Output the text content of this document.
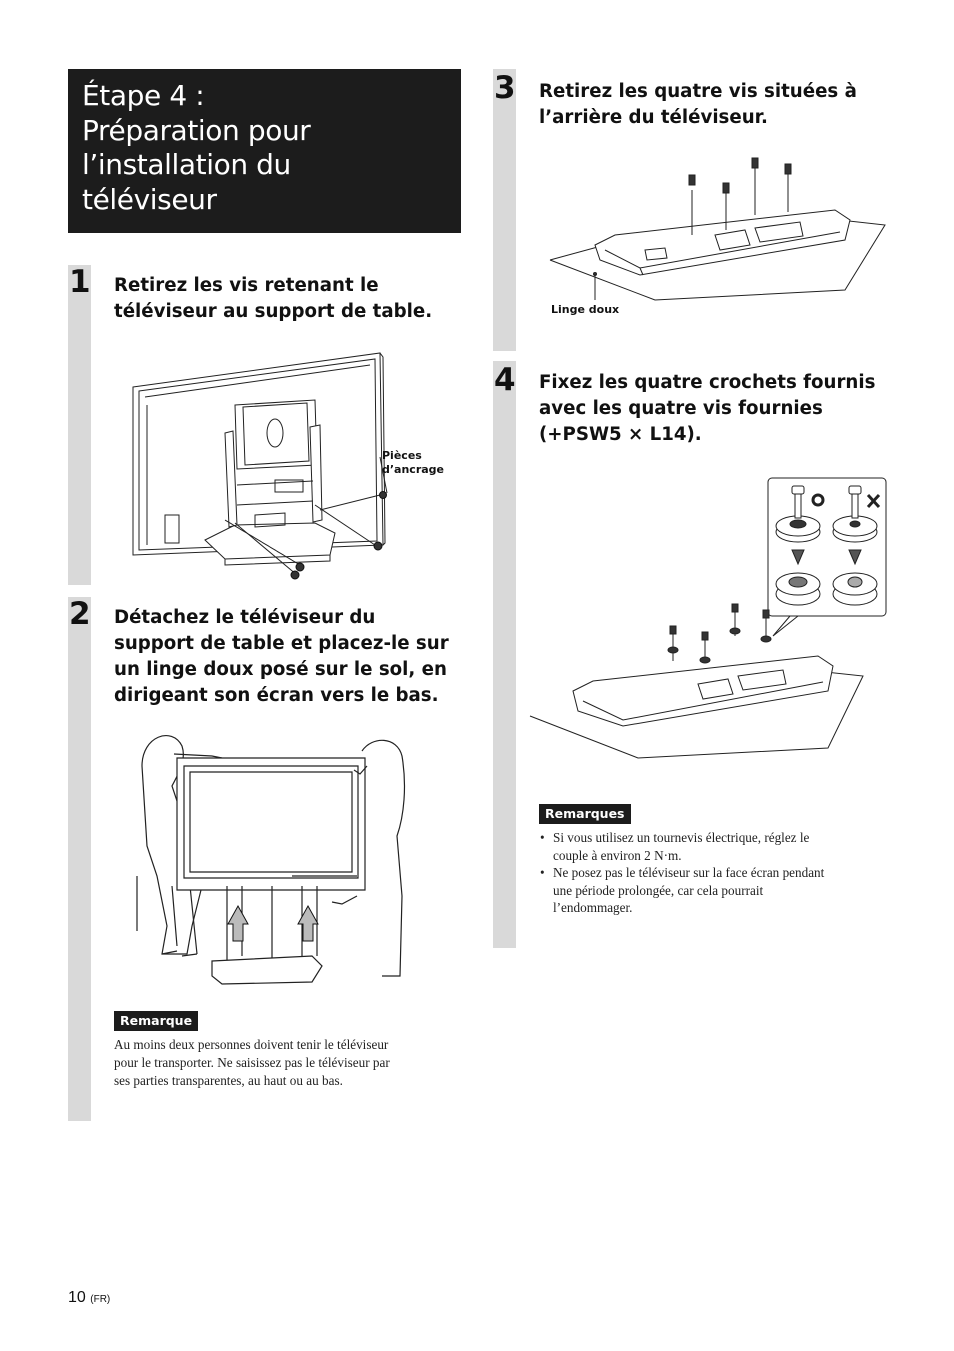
Étape 4 :
Préparation pour
l’installation du
téléviseur
1
2
3
4
Retirez les vis retenant le
téléviseur au support de table.
Détachez le téléviseur du
support de table et placez-le sur
un linge doux posé sur le sol, en
dirigeant son écran vers le bas.
Retirez les quatre vis situées à
l’arrière du téléviseur.
Fixez les quatre crochets fournis
avec les quatre vis fournies
(+PSW5 × L14).
Pièces
d’ancrage
Remarque
Au moins deux personnes doivent tenir le téléviseur
pour le transporter. Ne saisissez pas le téléviseur par
ses parties transparentes, au haut ou au bas.
Linge doux
Remarques
• Si vous utilisez un tournevis électrique, réglez le
couple à environ 2 N·m.
• Ne posez pas le téléviseur sur la face écran pendant
une période prolongée, car cela pourrait
l’endommager.
10 (FR)
